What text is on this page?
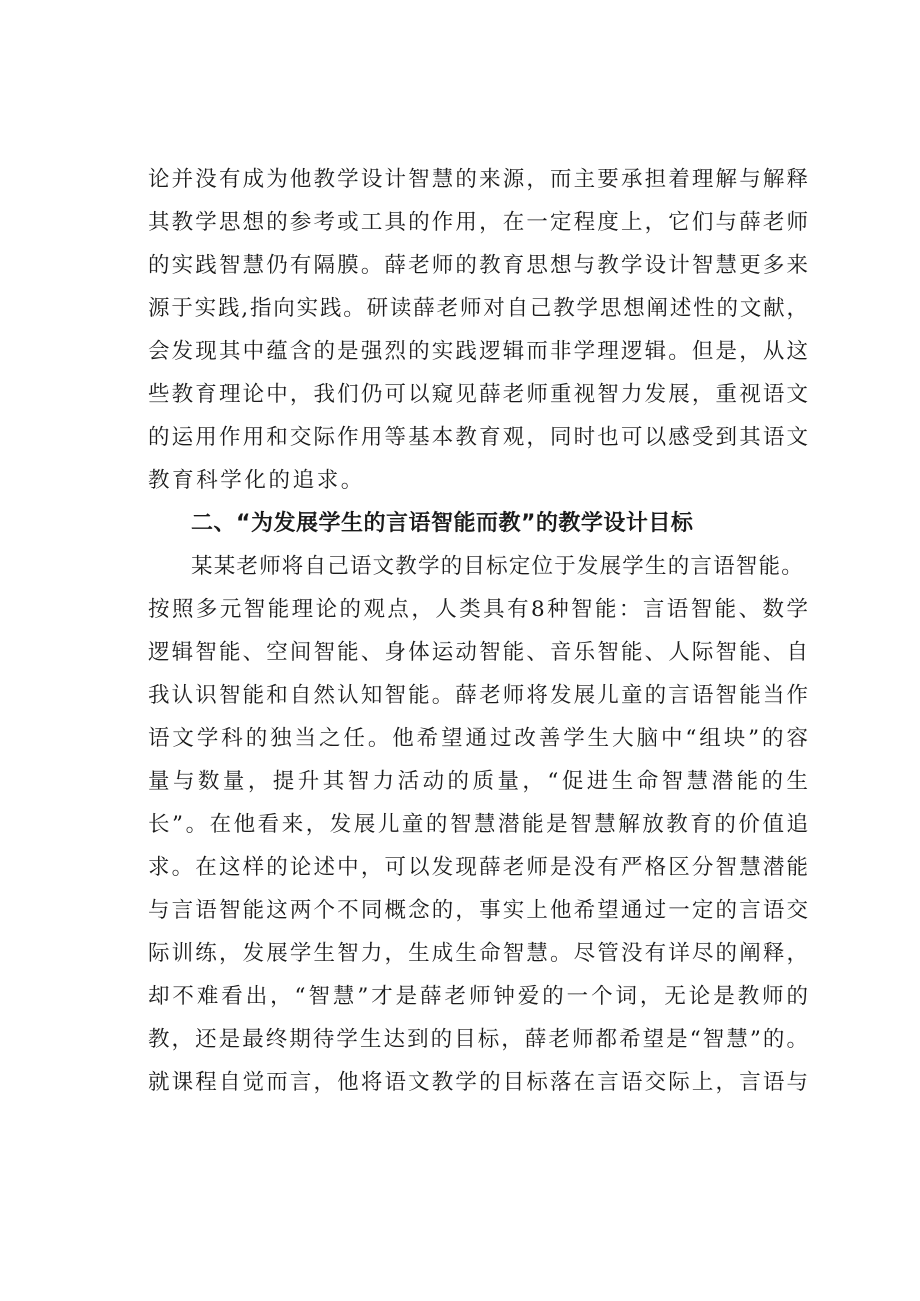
论并没有成为他教学设计智慧的来源，而主要承担着理解与解释
其教学思想的参考或工具的作用，在一定程度上，它们与薛老师
的实践智慧仍有隔膜。薛老师的教育思想与教学设计智慧更多来
源于实践,指向实践。研读薛老师对自己教学思想阐述性的文献，
会发现其中蕴含的是强烈的实践逻辑而非学理逻辑。但是，从这
些教育理论中，我们仍可以窥见薛老师重视智力发展，重视语文
的运用作用和交际作用等基本教育观，同时也可以感受到其语文
教育科学化的追求。
二、“为发展学生的言语智能而教”的教学设计目标
某某老师将自己语文教学的目标定位于发展学生的言语智能。
按照多元智能理论的观点，人类具有8种智能：言语智能、数学
逻辑智能、空间智能、身体运动智能、音乐智能、人际智能、自
我认识智能和自然认知智能。薛老师将发展儿童的言语智能当作
语文学科的独当之任。他希望通过改善学生大脑中“组块”的容
量与数量，提升其智力活动的质量，“促进生命智慧潜能的生
长”。在他看来，发展儿童的智慧潜能是智慧解放教育的价值追
求。在这样的论述中，可以发现薛老师是没有严格区分智慧潜能
与言语智能这两个不同概念的，事实上他希望通过一定的言语交
际训练，发展学生智力，生成生命智慧。尽管没有详尽的阐释，
却不难看出，“智慧”才是薛老师钟爱的一个词，无论是教师的
教，还是最终期待学生达到的目标，薛老师都希望是“智慧”的。
就课程自觉而言，他将语文教学的目标落在言语交际上，言语与
